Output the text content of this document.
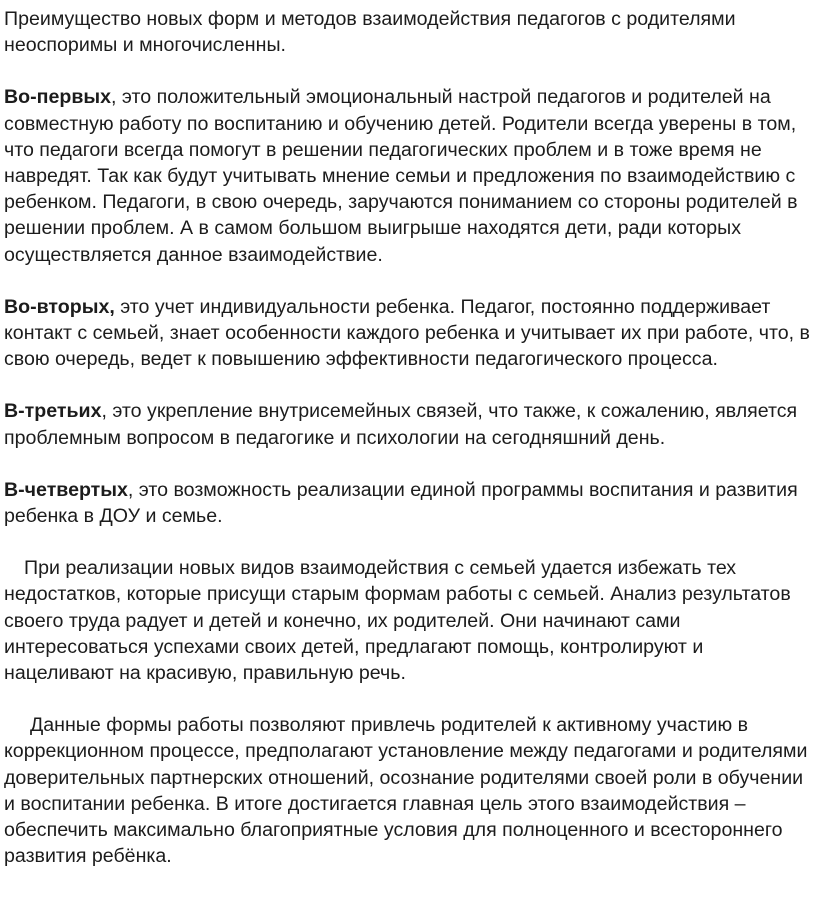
Преимущество новых форм и методов взаимодействия педагогов с родителями неоспоримы и многочисленны.

Во-первых, это положительный эмоциональный настрой педагогов и родителей на совместную работу по воспитанию и обучению детей. Родители всегда уверены в том, что педагоги всегда помогут в решении педагогических проблем и в тоже время не навредят. Так как будут учитывать мнение семьи и предложения по взаимодействию с ребенком. Педагоги, в свою очередь, заручаются пониманием со стороны родителей в решении проблем. А в самом большом выигрыше находятся дети, ради которых осуществляется данное взаимодействие.

Во-вторых, это учет индивидуальности ребенка. Педагог, постоянно поддерживает контакт с семьей, знает особенности каждого ребенка и учитывает их при работе, что, в свою очередь, ведет к повышению эффективности педагогического процесса.

В-третьих, это укрепление внутрисемейных связей, что также, к сожалению, является проблемным вопросом в педагогике и психологии на сегодняшний день.

В-четвертых, это возможность реализации единой программы воспитания и развития ребенка в ДОУ и семье.

При реализации новых видов взаимодействия с семьей удается избежать тех недостатков, которые присущи старым формам работы с семьей. Анализ результатов своего труда радует и детей и конечно, их родителей. Они начинают сами интересоваться успехами своих детей, предлагают помощь, контролируют и нацеливают на красивую, правильную речь.

Данные формы работы позволяют привлечь родителей к активному участию в коррекционном процессе, предполагают установление между педагогами и родителями доверительных партнерских отношений, осознание родителями своей роли в обучении и воспитании ребенка. В итоге достигается главная цель этого взаимодействия – обеспечить максимально благоприятные условия для полноценного и всестороннего развития ребёнка.
